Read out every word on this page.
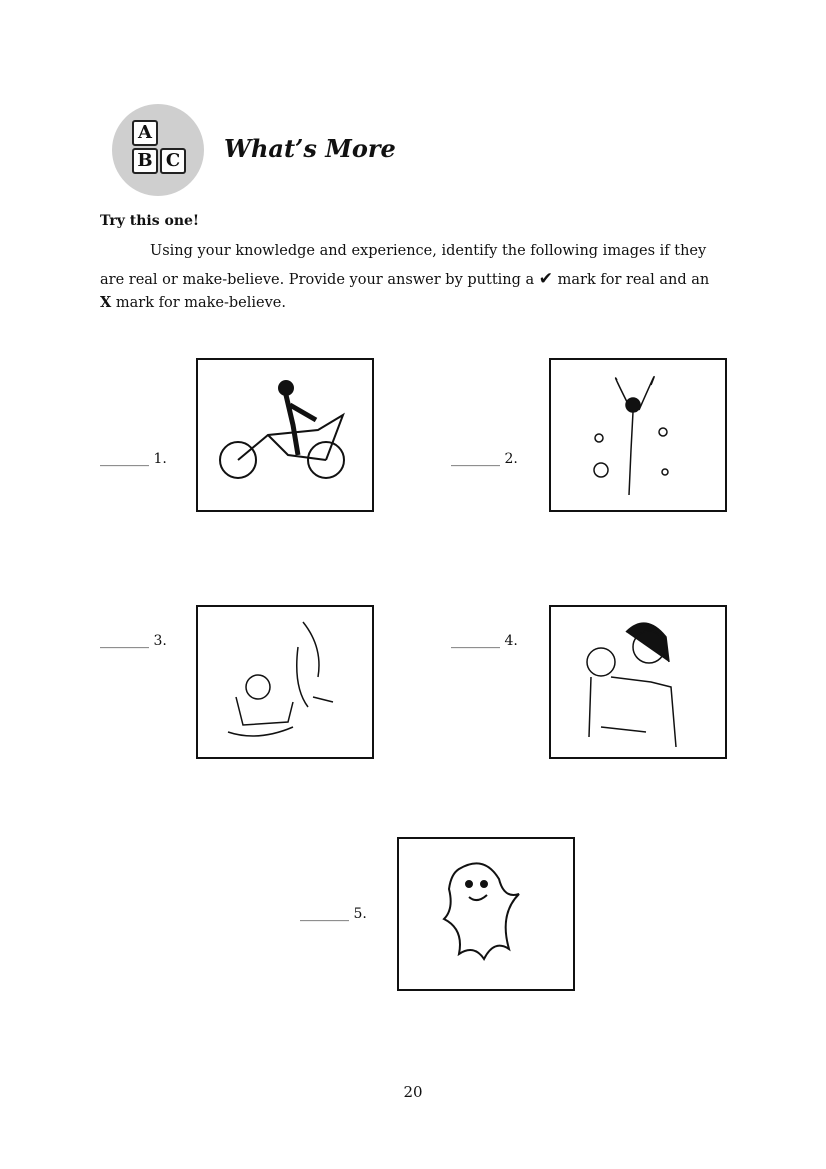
A
B C What’s More
Try this one!
Using your knowledge and experience, identify the following images if they
are real or make-believe. Provide your answer by putting a ✔ mark for real and an
X mark for make-believe.
_______ 1.	_______ 2.
_______ 3.	_______ 4.
_______ 5.
20
